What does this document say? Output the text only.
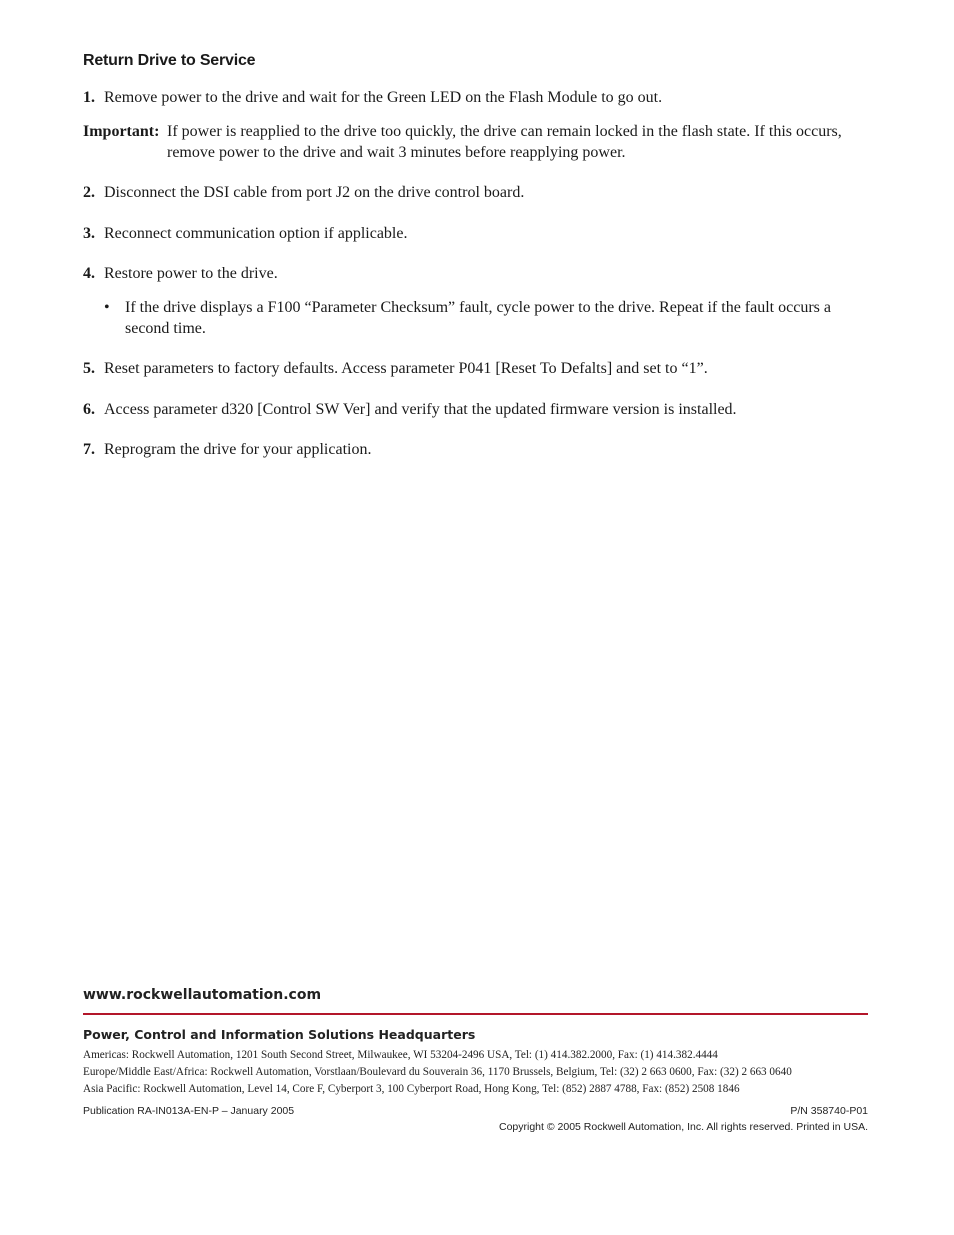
Return Drive to Service
1. Remove power to the drive and wait for the Green LED on the Flash Module to go out.
Important: If power is reapplied to the drive too quickly, the drive can remain locked in the flash state. If this occurs, remove power to the drive and wait 3 minutes before reapplying power.
2. Disconnect the DSI cable from port J2 on the drive control board.
3. Reconnect communication option if applicable.
4. Restore power to the drive.
• If the drive displays a F100 “Parameter Checksum” fault, cycle power to the drive. Repeat if the fault occurs a second time.
5. Reset parameters to factory defaults. Access parameter P041 [Reset To Defalts] and set to “1”.
6. Access parameter d320 [Control SW Ver] and verify that the updated firmware version is installed.
7. Reprogram the drive for your application.
www.rockwellautomation.com
Power, Control and Information Solutions Headquarters
Americas: Rockwell Automation, 1201 South Second Street, Milwaukee, WI 53204-2496 USA, Tel: (1) 414.382.2000, Fax: (1) 414.382.4444
Europe/Middle East/Africa: Rockwell Automation, Vorstlaan/Boulevard du Souverain 36, 1170 Brussels, Belgium, Tel: (32) 2 663 0600, Fax: (32) 2 663 0640
Asia Pacific: Rockwell Automation, Level 14, Core F, Cyberport 3, 100 Cyberport Road, Hong Kong, Tel: (852) 2887 4788, Fax: (852) 2508 1846
Publication RA-IN013A-EN-P – January 2005	P/N 358740-P01
Copyright © 2005 Rockwell Automation, Inc. All rights reserved. Printed in USA.
